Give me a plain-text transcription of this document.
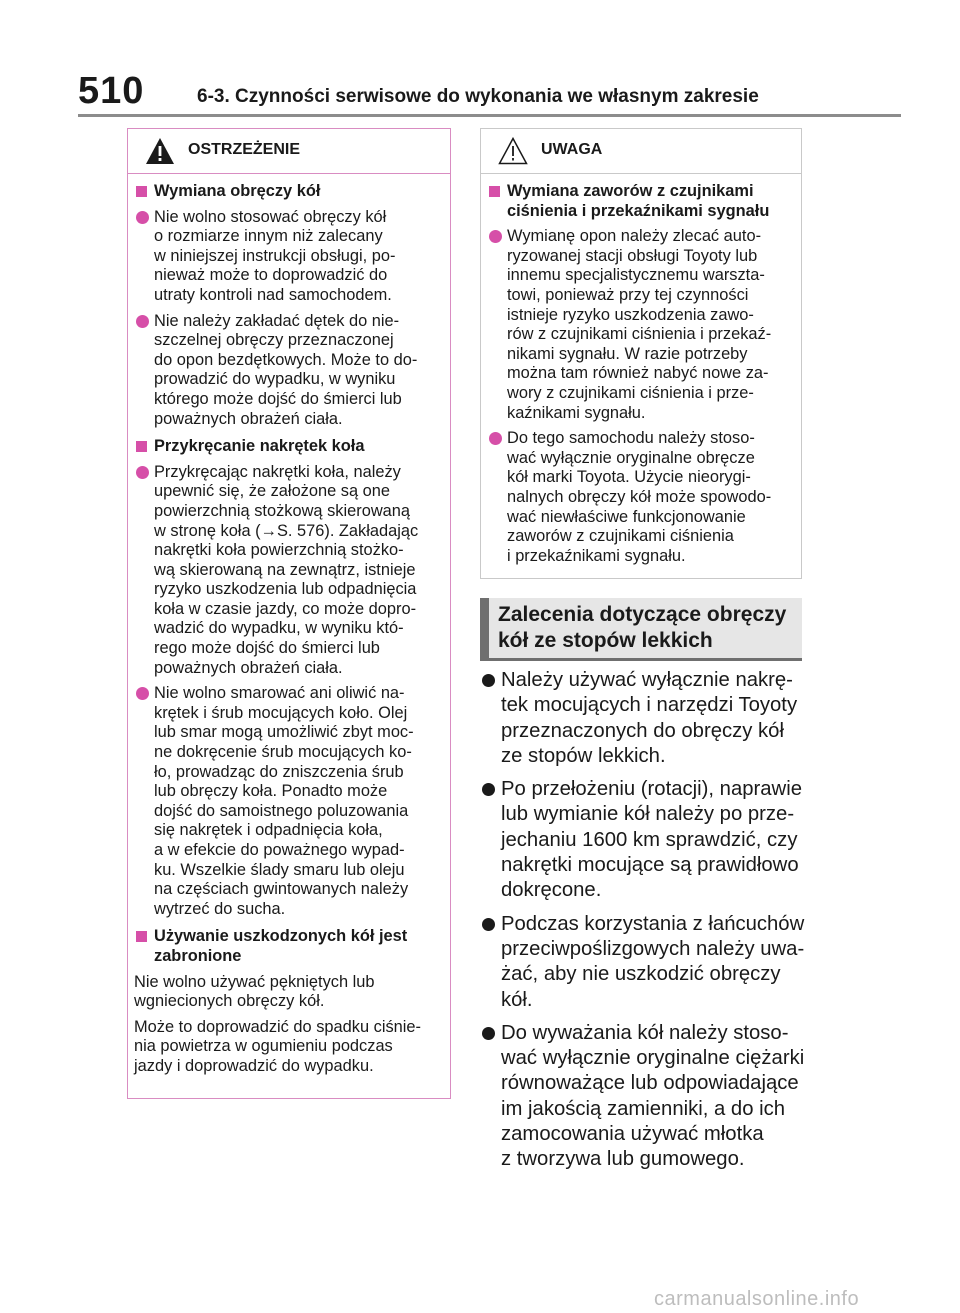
510	6-3. Czynności serwisowe do wykonania we własnym zakresie
OSTRZEŻENIE
Wymiana obręczy kół
Nie wolno stosować obręczy kół
o rozmiarze innym niż zalecany
w niniejszej instrukcji obsługi, po-
nieważ może to doprowadzić do
utraty kontroli nad samochodem.
Nie należy zakładać dętek do nie-
szczelnej obręczy przeznaczonej
do opon bezdętkowych. Może to do-
prowadzić do wypadku, w wyniku
którego może dojść do śmierci lub
poważnych obrażeń ciała.
Przykręcanie nakrętek koła
Przykręcając nakrętki koła, należy
upewnić się, że założone są one
powierzchnią stożkową skierowaną
w stronę koła (→S. 576). Zakładając
nakrętki koła powierzchnią stożko-
wą skierowaną na zewnątrz, istnieje
ryzyko uszkodzenia lub odpadnięcia
koła w czasie jazdy, co może dopro-
wadzić do wypadku, w wyniku któ-
rego może dojść do śmierci lub
poważnych obrażeń ciała.
Nie wolno smarować ani oliwić na-
krętek i śrub mocujących koło. Olej
lub smar mogą umożliwić zbyt moc-
ne dokręcenie śrub mocujących ko-
ło, prowadząc do zniszczenia śrub
lub obręczy koła. Ponadto może
dojść do samoistnego poluzowania
się nakrętek i odpadnięcia koła,
a w efekcie do poważnego wypad-
ku. Wszelkie ślady smaru lub oleju
na częściach gwintowanych należy
wytrzeć do sucha.
Używanie uszkodzonych kół jest
zabronione
Nie wolno używać pękniętych lub
wgniecionych obręczy kół.
Może to doprowadzić do spadku ciśnie-
nia powietrza w ogumieniu podczas
jazdy i doprowadzić do wypadku.
UWAGA
Wymiana zaworów z czujnikami
ciśnienia i przekaźnikami sygnału
Wymianę opon należy zlecać auto-
ryzowanej stacji obsługi Toyoty lub
innemu specjalistycznemu warszta-
towi, ponieważ przy tej czynności
istnieje ryzyko uszkodzenia zawo-
rów z czujnikami ciśnienia i przekaź-
nikami sygnału. W razie potrzeby
można tam również nabyć nowe za-
wory z czujnikami ciśnienia i prze-
kaźnikami sygnału.
Do tego samochodu należy stoso-
wać wyłącznie oryginalne obręcze
kół marki Toyota. Użycie nieorygi-
nalnych obręczy kół może spowodo-
wać niewłaściwe funkcjonowanie
zaworów z czujnikami ciśnienia
i przekaźnikami sygnału.
Zalecenia dotyczące obręczy
kół ze stopów lekkich
Należy używać wyłącznie nakrę-
tek mocujących i narzędzi Toyoty
przeznaczonych do obręczy kół
ze stopów lekkich.
Po przełożeniu (rotacji), naprawie
lub wymianie kół należy po prze-
jechaniu 1600 km sprawdzić, czy
nakrętki mocujące są prawidłowo
dokręcone.
Podczas korzystania z łańcuchów
przeciwpoślizgowych należy uwa-
żać, aby nie uszkodzić obręczy
kół.
Do wyważania kół należy stoso-
wać wyłącznie oryginalne ciężarki
równoważące lub odpowiadające
im jakością zamienniki, a do ich
zamocowania używać młotka
z tworzywa lub gumowego.
carmanualsonline.info
